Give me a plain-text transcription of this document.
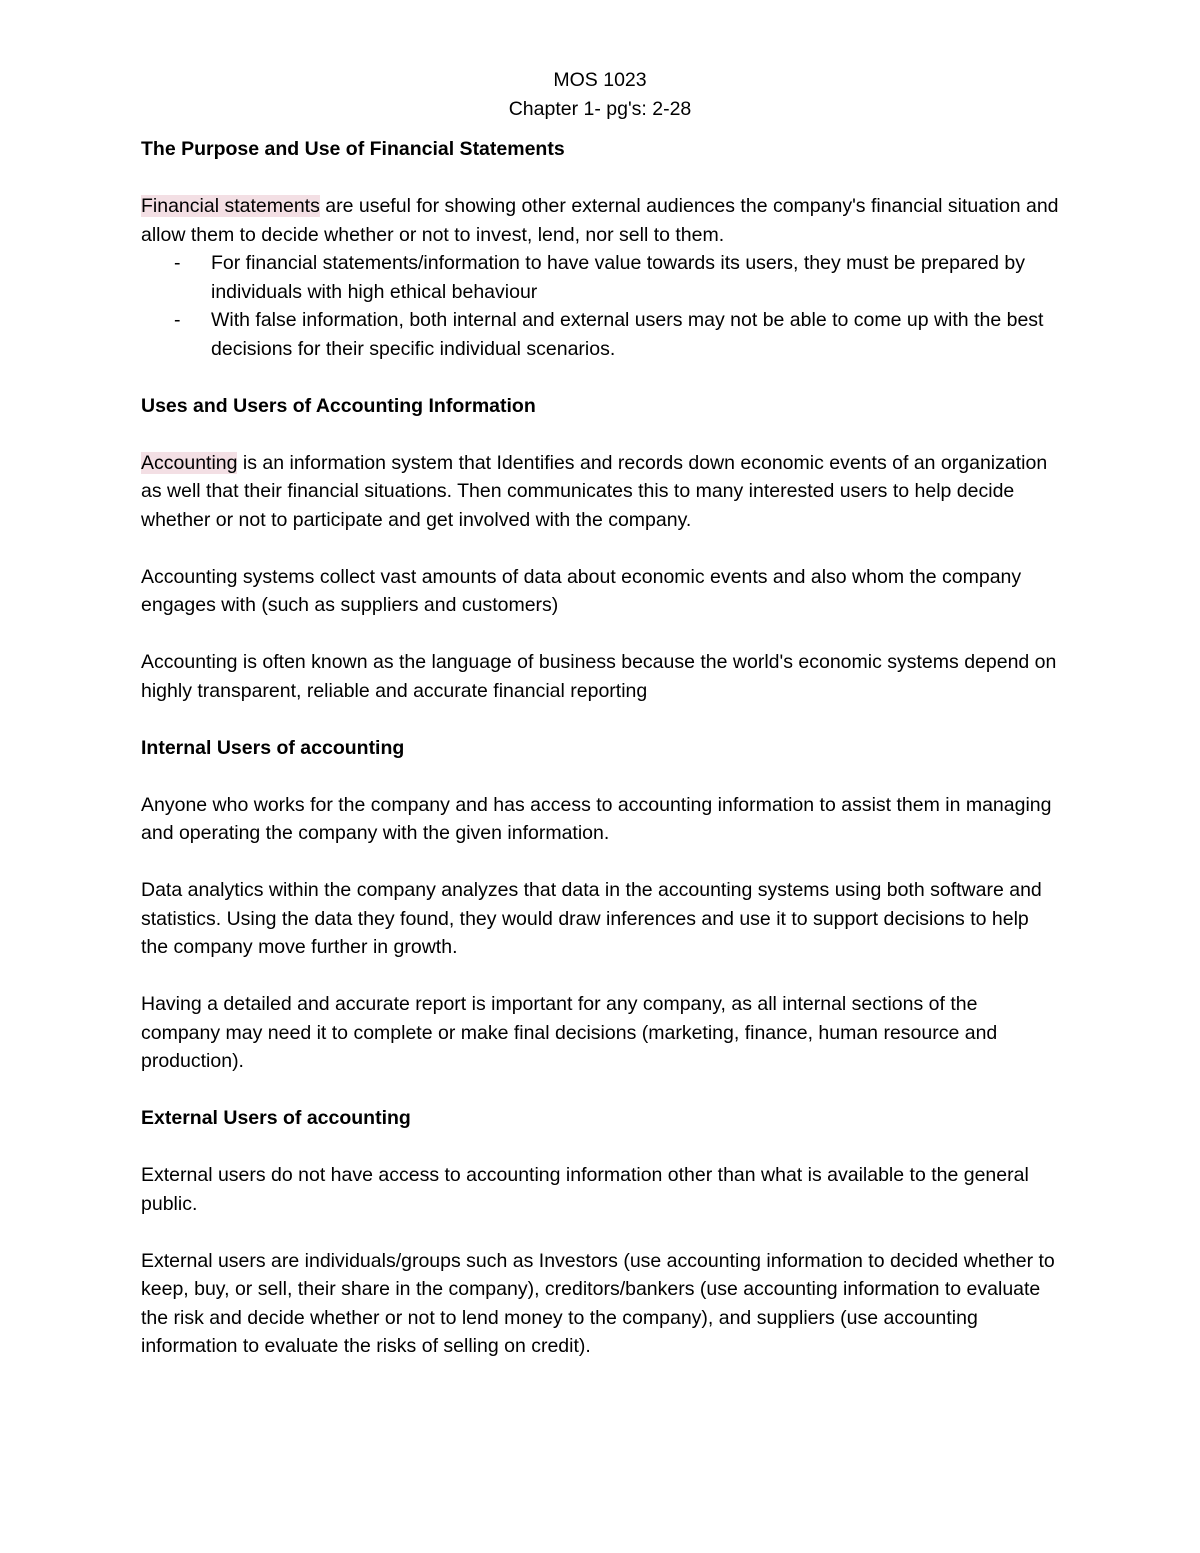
MOS 1023
Chapter 1- pg's: 2-28

The Purpose and Use of Financial Statements

Financial statements are useful for showing other external audiences the company's financial situation and allow them to decide whether or not to invest, lend, nor sell to them.

- For financial statements/information to have value towards its users, they must be prepared by individuals with high ethical behaviour
- With false information, both internal and external users may not be able to come up with the best decisions for their specific individual scenarios.

Uses and Users of Accounting Information

Accounting is an information system that Identifies and records down economic events of an organization as well that their financial situations. Then communicates this to many interested users to help decide whether or not to participate and get involved with the company.

Accounting systems collect vast amounts of data about economic events and also whom the company engages with (such as suppliers and customers)

Accounting is often known as the language of business because the world's economic systems depend on highly transparent, reliable and accurate financial reporting

Internal Users of accounting

Anyone who works for the company and has access to accounting information to assist them in managing and operating the company with the given information.

Data analytics within the company analyzes that data in the accounting systems using both software and statistics. Using the data they found, they would draw inferences and use it to support decisions to help the company move further in growth.

Having a detailed and accurate report is important for any company, as all internal sections of the company may need it to complete or make final decisions (marketing, finance, human resource and production).

External Users of accounting

External users do not have access to accounting information other than what is available to the general public.

External users are individuals/groups such as Investors (use accounting information to decided whether to keep, buy, or sell, their share in the company), creditors/bankers (use accounting information to evaluate the risk and decide whether or not to lend money to the company), and suppliers (use accounting information to evaluate the risks of selling on credit).
